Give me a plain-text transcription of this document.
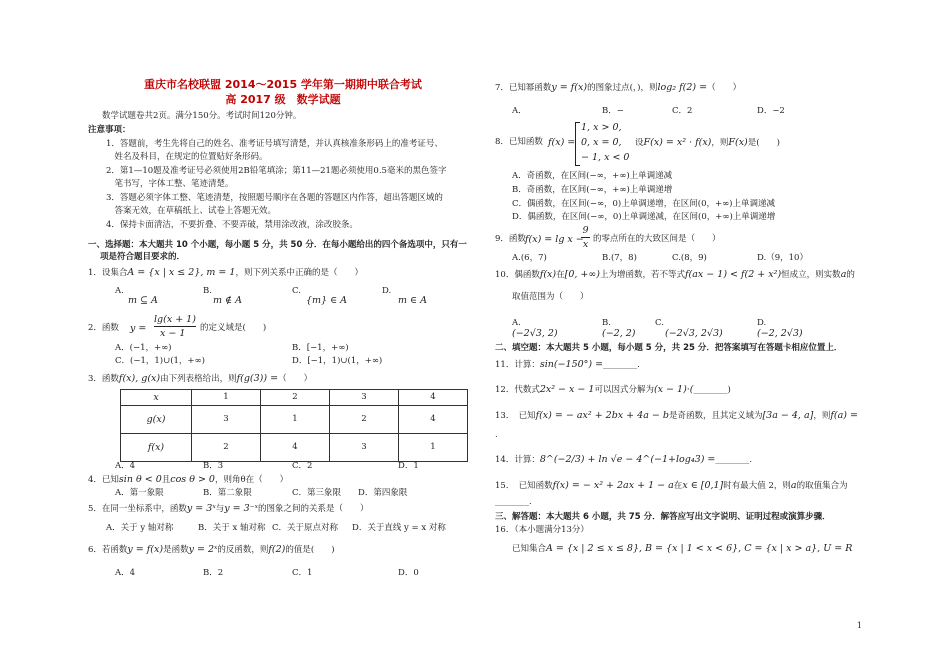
重庆市名校联盟 2014～2015 学年第一期期中联合考试
高 2017 级　数学试题
数学试题卷共2页。满分150分。考试时间120分钟。
注意事项：
1．答题前，考生先将自己的姓名、准考证号填写清楚，并认真核准条形码上的准考证号、
　姓名及科目，在规定的位置贴好条形码。
2．第1—10题及准考证号必须使用2B铅笔填涂；第11—21题必须使用0.5毫米的黑色签字
　笔书写，字体工整、笔迹清楚。
3．答题必须字体工整、笔迹清楚，按照题号顺序在各题的答题区内作答，超出答题区域的
　答案无效，在草稿纸上、试卷上答题无效。
4．保持卡面清洁，不要折叠、不要弄破，禁用涂改液，涂改胶条。
一、选择题：本大题共 10 个小题，每小题 5 分，共 50 分．在每小题给出的四个备选项中，只有一
项是符合题目要求的．
1．设集合A = {x | x ≤ 2}, m = 1，则下列关系中正确的是（　　）
A.
m ⊆ A
B.
m ∉ A
C.
{m} ∈ A
D.
m ∈ A
2．函数 y =
lg(x + 1)
x − 1 的定义域是(　　)
A．(−1，+∞)	B．[−1，+∞)
C．(−1，1)∪(1，+∞)	D．[−1，1)∪(1，+∞)
3．函数f(x), g(x)由下列表格给出，则f(g(3)) =（　　）
x	1	2	3	4
g(x)	3	1	2	4
f(x)	2	4	3	1
A．4	B．3	C．2	D．1
4．已知sin θ < 0且cos θ > 0，则角θ在（　　）
A．第一象限	B．第二象限	C．第三象限 D．第四象限
5．在同一坐标系中，函数y = 3ˣ与y = 3⁻ˣ的图象之间的关系是（　　）
A．关于 y 轴对称	B．关于 x 轴对称 C．关于原点对称 D．关于直线 y = x 对称
6．若函数y = f(x)是函数y = 2ˣ的反函数，则f(2)的值是(　　)
A．4	B．2	C．1	D．0
7．已知幂函数y = f(x)的图象过点(，)，则log₂ f(2) =（　　）
A．	B．−	C．2	D．−2
8．已知函数 f(x) =
1, x > 0,
0, x = 0,
− 1, x < 0
设F(x) = x² · f(x)，则F(x)是(　　)
A．奇函数，在区间(−∞，+∞)上单调递减
B．奇函数，在区间(−∞，+∞)上单调递增
C．偶函数，在区间(−∞，0)上单调递增，在区间(0，+∞)上单调递减
D．偶函数，在区间(−∞，0)上单调递减，在区间(0，+∞)上单调递增
9．函数 f(x) = lg x −
9
x 的零点所在的大致区间是（　　）
A.(6，7)	B.(7，8)	C.(8，9)	D.（9，10）
10．偶函数f(x)在[0, +∞)上为增函数，若不等式f(ax − 1) < f(2 + x²)恒成立，则实数a的
取值范围为（　　）
A.
(−2√3, 2)
B.
(−2, 2)
C.
(−2√3, 2√3)
D.
(−2, 2√3)
二、填空题：本大题共 5 小题，每小题 5 分，共 25 分．把答案填写在答题卡相应位置上．
11．计算：sin(−150°) =________.
12．代数式2x² − x − 1可以因式分解为(x − 1)·(________)
13．　已知f(x) = − ax² + 2bx + 4a − b是奇函数，且其定义域为[3a − 4, a]，则f(a) =
.
14．计算：8^(−2/3) + ln √e − 4^(−1+log₄3) =________.
15．　已知函数f(x) = − x² + 2ax + 1 − a在x ∈ [0,1]时有最大值 2，则a的取值集合为
________.
三、解答题：本大题共 6 小题，共 75 分．解答应写出文字说明、证明过程或演算步骤．
16．（本小题满分13分）
已知集合A = {x | 2 ≤ x ≤ 8}, B = {x | 1 < x < 6}, C = {x | x > a}, U = R
1
